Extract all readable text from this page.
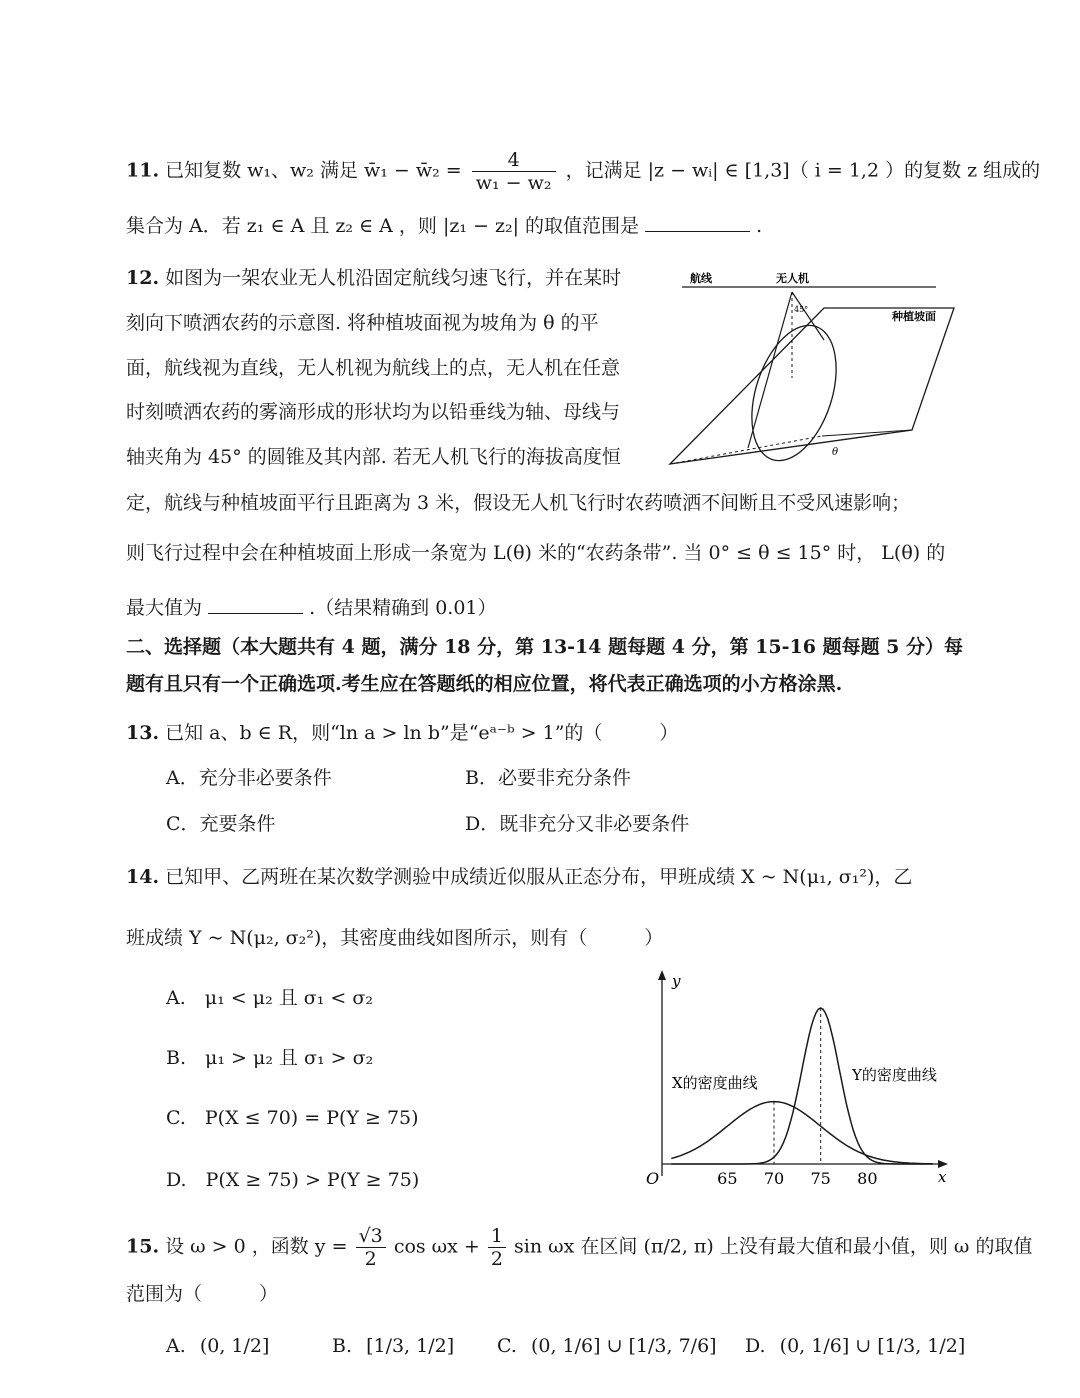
11. 已知复数 w₁、w₂ 满足 w̄₁ − w̄₂ = $\frac{4}{\text{w₁ − w₂}}$ ，记满足 |z − wᵢ| ∈ [1,3]（ i = 1,2 ）的复数 z 组成的
集合为 A．若 z₁ ∈ A 且 z₂ ∈ A ，则 |z₁ − z₂| 的取值范围是	.
12. 如图为一架农业无人机沿固定航线匀速飞行，并在某时
刻向下喷洒农药的示意图. 将种植坡面视为坡角为 θ 的平
面，航线视为直线，无人机视为航线上的点，无人机在任意
时刻喷洒农药的雾滴形成的形状均为以铅垂线为轴、母线与
轴夹角为 45° 的圆锥及其内部. 若无人机飞行的海拔高度恒
定，航线与种植坡面平行且距离为 3 米，假设无人机飞行时农药喷洒不间断且不受风速影响；
则飞行过程中会在种植坡面上形成一条宽为 L(θ) 米的“农药条带”. 当 0° ≤ θ ≤ 15° 时， L(θ) 的
最大值为	.（结果精确到 0.01）
航线	无人机
种植坡面
θ
45°
二、选择题（本大题共有 4 题，满分 18 分，第 13-14 题每题 4 分，第 15-16 题每题 5 分）每
题有且只有一个正确选项.考生应在答题纸的相应位置，将代表正确选项的小方格涂黑.
13. 已知 a、b ∈ R，则“ln a > ln b”是“eᵃ⁻ᵇ > 1”的（　　　）
A．充分非必要条件	B．必要非充分条件
C．充要条件	D．既非充分又非必要条件
14. 已知甲、乙两班在某次数学测验中成绩近似服从正态分布，甲班成绩 X ~ N(μ₁, σ₁²)，乙
班成绩 Y ~ N(μ₂, σ₂²)，其密度曲线如图所示，则有（　　　）
A.　μ₁ < μ₂ 且 σ₁ < σ₂
B.　μ₁ > μ₂ 且 σ₁ > σ₂
C.　P(X ≤ 70) = P(Y ≥ 75)
D.　P(X ≥ 75) > P(Y ≥ 75)
y
x
O
X的密度曲线	Y的密度曲线
65 70 75 80
15. 设 ω > 0 ，函数 $y = \frac{√3}{2}$ $\cos \omega x + \frac{1}{2}$ sin ωx 在区间 (π/2, π) 上没有最大值和最小值，则 ω 的取值
范围为（　　　）
A. (0, 1/2]	B. [1/3, 1/2] C. (0, 1/6] ∪ [1/3, 7/6] D. (0, 1/6] ∪ [1/3, 1/2]
